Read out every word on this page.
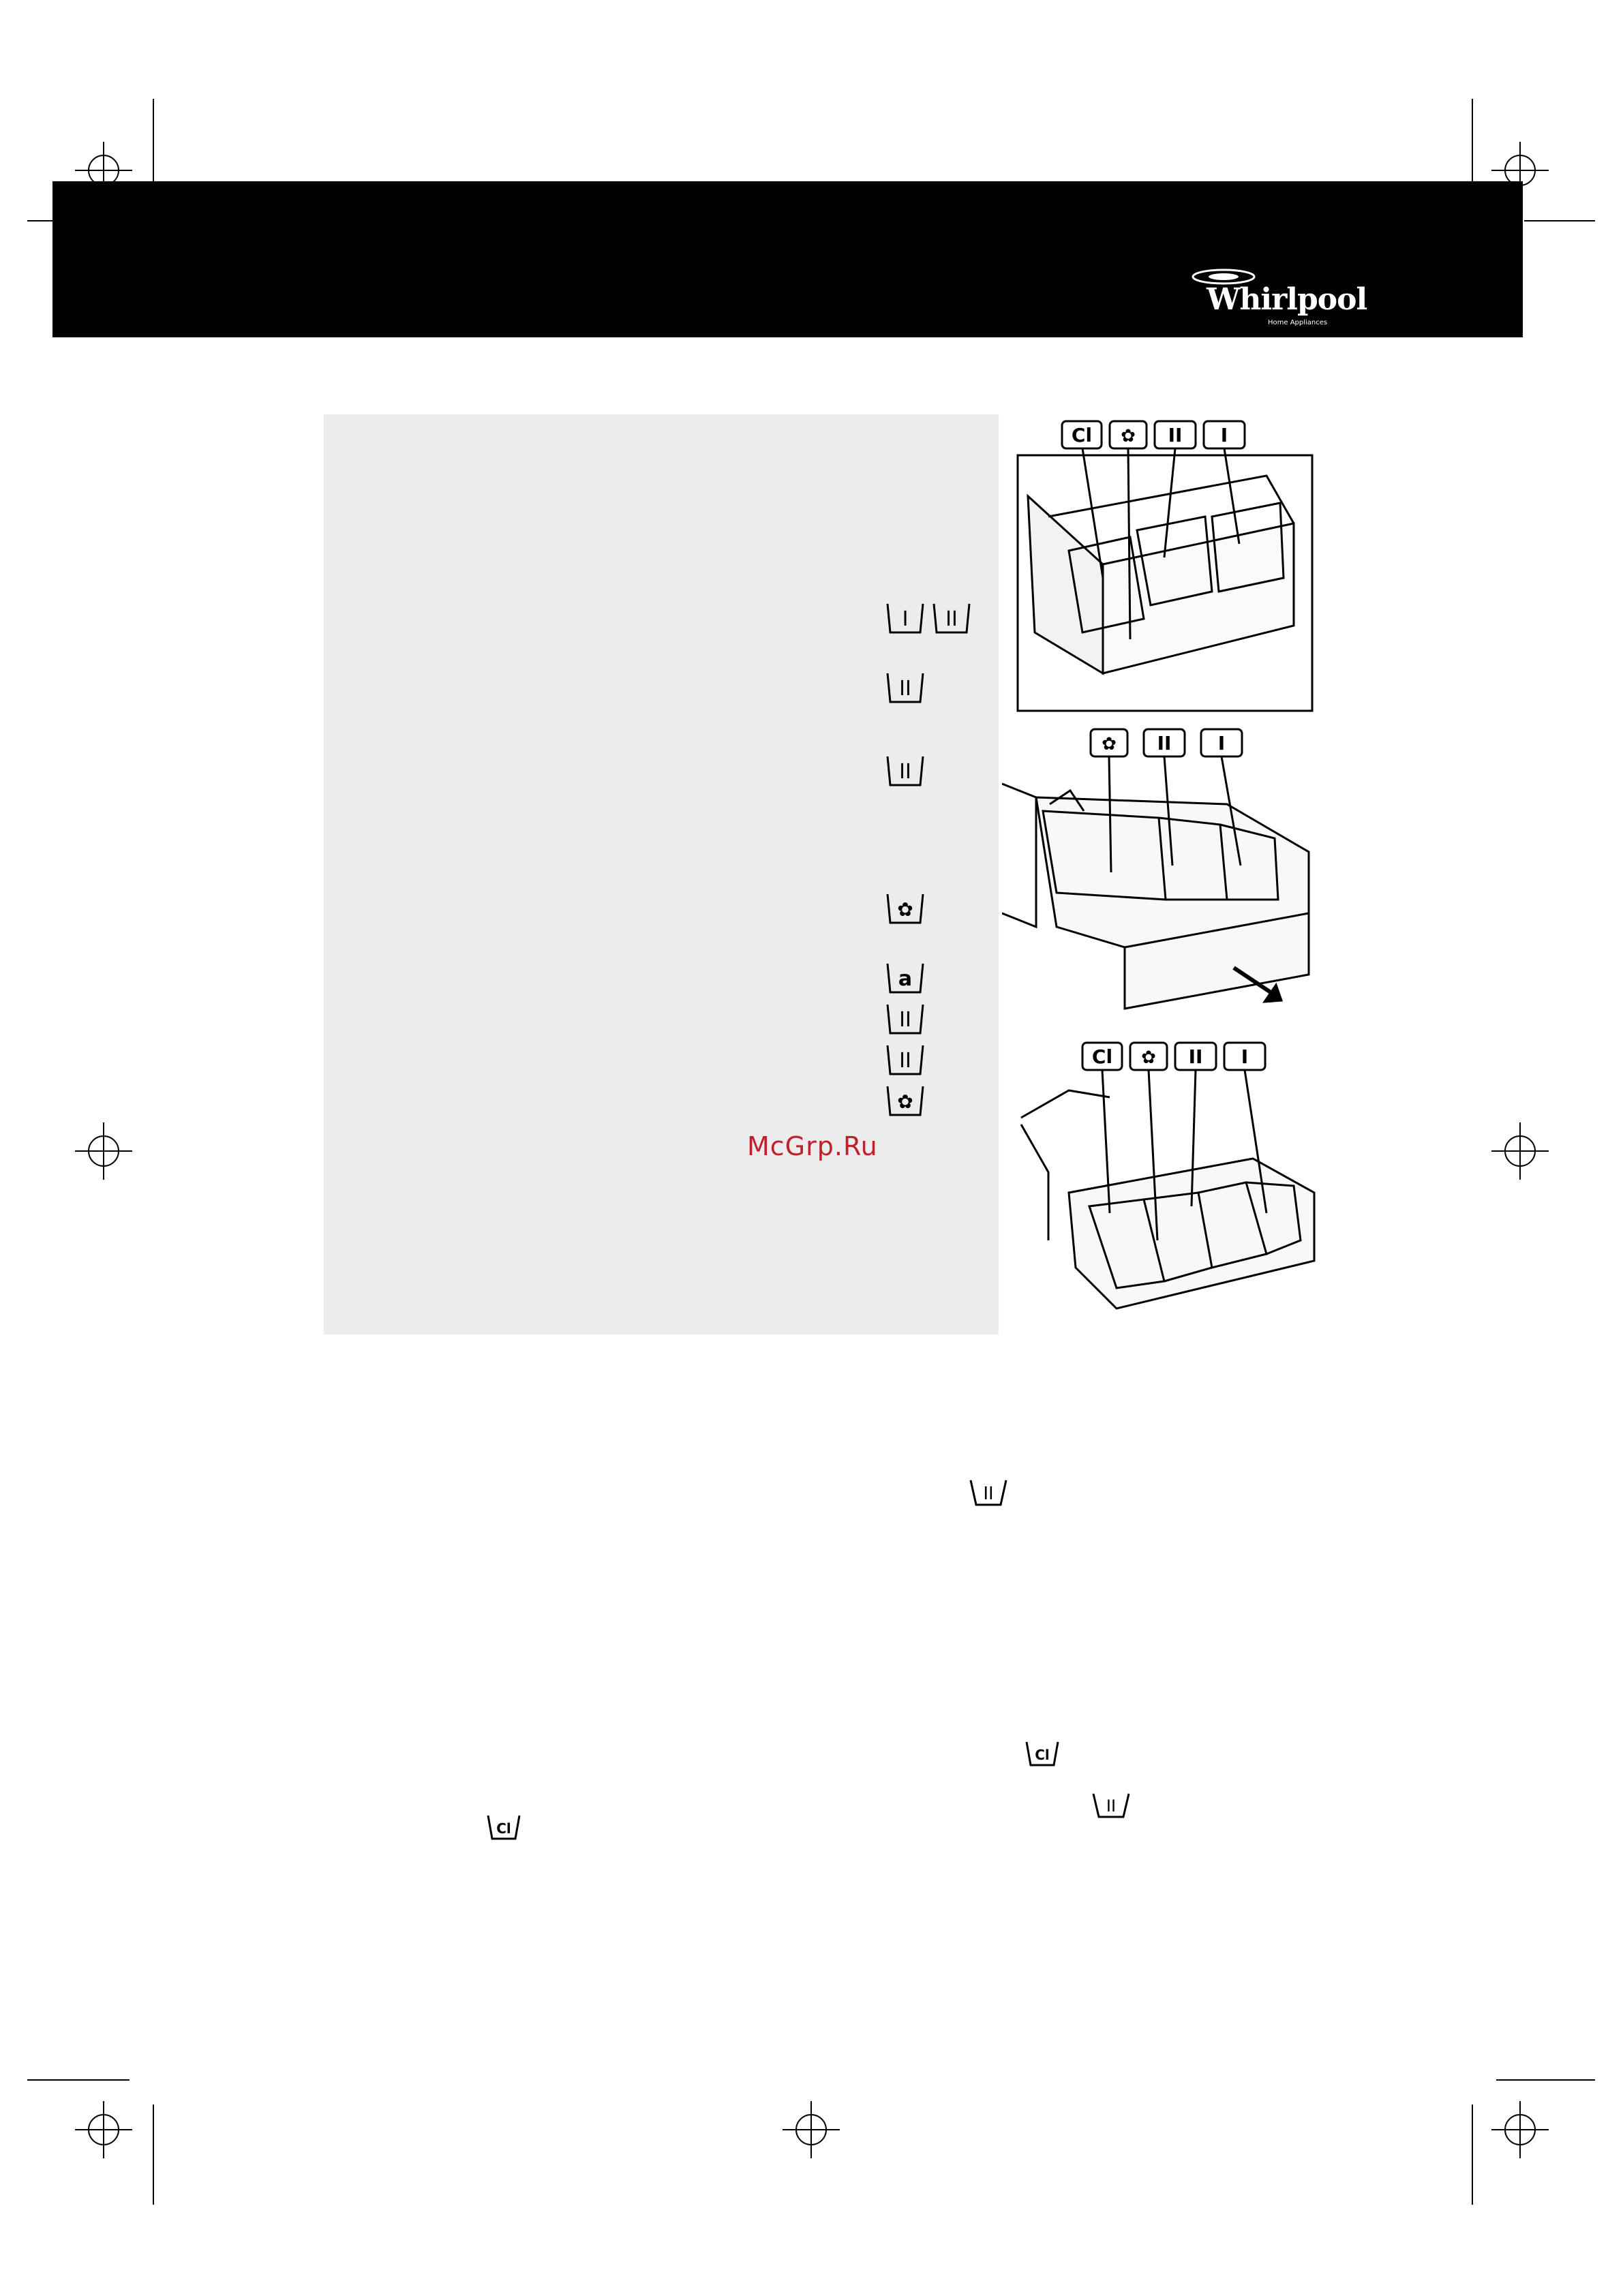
Whirlpool
Home Appliances
I II
II
II
✿
a
II
II
✿
McGrp.Ru
Cl ✿ II I
✿ II I
Cl ✿ II I
II
Cl
II
Cl
